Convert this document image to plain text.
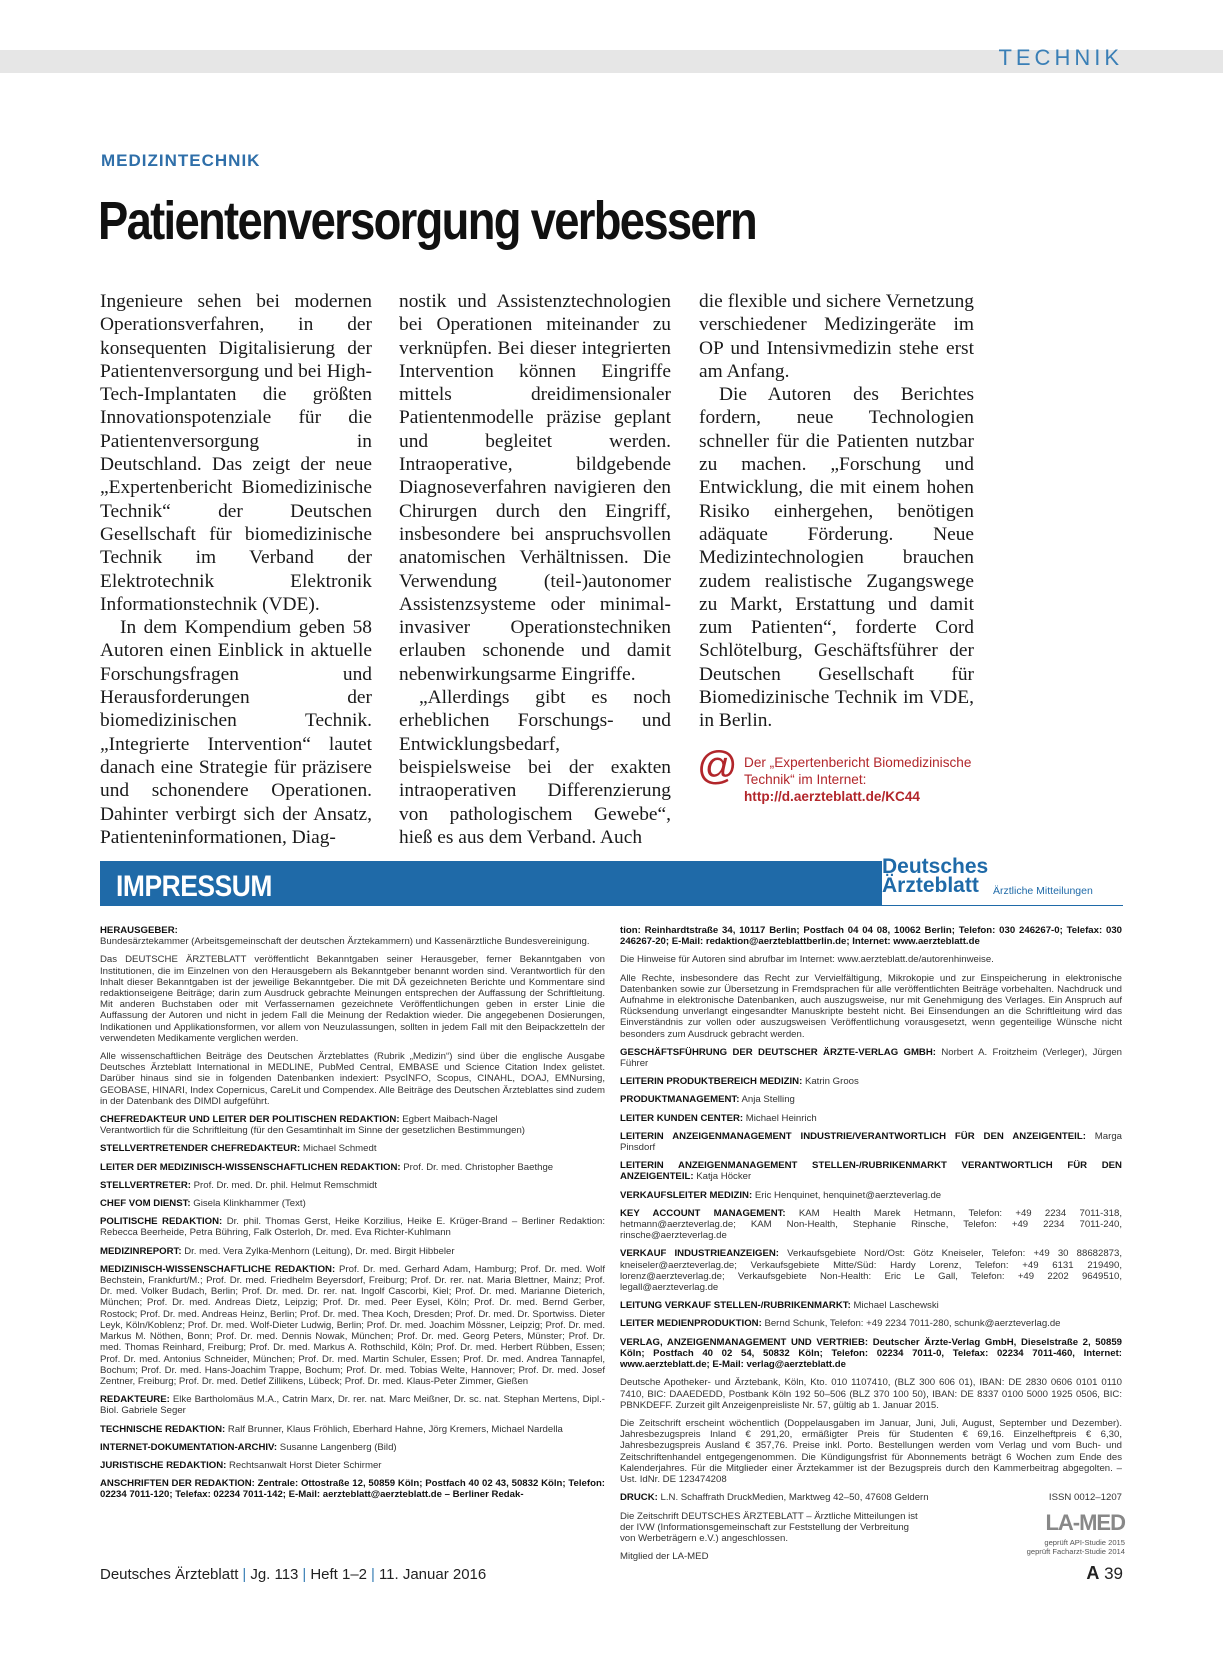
TECHNIK
MEDIZINTECHNIK
Patientenversorgung verbessern

Ingenieure sehen bei modernen Operationsverfahren, in der konsequenten Digitalisierung der Patientenversorgung und bei High-Tech-Implantaten die größten Innovationspotenziale für die Patientenversorgung in Deutschland. Das zeigt der neue „Expertenbericht Biomedizinische Technik“ der Deutschen Gesellschaft für biomedizinische Technik im Verband der Elektrotechnik Elektronik Informationstechnik (VDE).

In dem Kompendium geben 58 Autoren einen Einblick in aktuelle Forschungsfragen und Herausforderungen der biomedizinischen Technik. „Integrierte Intervention“ lautet danach eine Strategie für präzisere und schonendere Operationen. Dahinter verbirgt sich der Ansatz, Patienteninformationen, Diag-

nostik und Assistenztechnologien bei Operationen miteinander zu verknüpfen. Bei dieser integrierten Intervention können Eingriffe mittels dreidimensionaler Patientenmodelle präzise geplant und begleitet werden. Intraoperative, bildgebende Diagnoseverfahren navigieren den Chirurgen durch den Eingriff, insbesondere bei anspruchsvollen anatomischen Verhältnissen. Die Verwendung (teil-)autonomer Assistenzsysteme oder minimal-invasiver Operationstechniken erlauben schonende und damit nebenwirkungsarme Eingriffe.

„Allerdings gibt es noch erheblichen Forschungs- und Entwicklungsbedarf, beispielsweise bei der exakten intraoperativen Differenzierung von pathologischem Gewebe“, hieß es aus dem Verband. Auch

die flexible und sichere Vernetzung verschiedener Medizingeräte im OP und Intensivmedizin stehe erst am Anfang.

Die Autoren des Berichtes fordern, neue Technologien schneller für die Patienten nutzbar zu machen. „Forschung und Entwicklung, die mit einem hohen Risiko einhergehen, benötigen adäquate Förderung. Neue Medizintechnologien brauchen zudem realistische Zugangswege zu Markt, Erstattung und damit zum Patienten“, forderte Cord Schlötelburg, Geschäftsführer der Deutschen Gesellschaft für Biomedizinische Technik im VDE, in Berlin.

@ Der „Expertenbericht Biomedizinische
Technik“ im Internet:
http://d.aerzteblatt.de/KC44
IMPRESSUM
Deutsches
Ärzteblatt	Ärztliche Mitteilungen

HERAUSGEBER:
Bundesärztekammer (Arbeitsgemeinschaft der deutschen Ärztekammern) und Kassenärztliche Bundesvereinigung.

Das DEUTSCHE ÄRZTEBLATT veröffentlicht Bekanntgaben seiner Herausgeber, ferner Bekanntgaben von Institutionen, die im Einzelnen von den Herausgebern als Bekanntgeber benannt worden sind. Verantwortlich für den Inhalt dieser Bekanntgaben ist der jeweilige Bekanntgeber. Die mit DÄ gezeichneten Berichte und Kommentare sind redaktionseigene Beiträge; darin zum Ausdruck gebrachte Meinungen entsprechen der Auffassung der Schriftleitung. Mit anderen Buchstaben oder mit Verfassernamen gezeichnete Veröffentlichungen geben in erster Linie die Auffassung der Autoren und nicht in jedem Fall die Meinung der Redaktion wieder. Die angegebenen Dosierungen, Indikationen und Applikationsformen, vor allem von Neuzulassungen, sollten in jedem Fall mit den Beipackzetteln der verwendeten Medikamente verglichen werden.

Alle wissenschaftlichen Beiträge des Deutschen Ärzteblattes (Rubrik „Medizin“) sind über die englische Ausgabe Deutsches Ärzteblatt International in MEDLINE, PubMed Central, EMBASE und Science Citation Index gelistet. Darüber hinaus sind sie in folgenden Datenbanken indexiert: PsycINFO, Scopus, CINAHL, DOAJ, EMNursing, GEOBASE, HINARI, Index Copernicus, CareLit und Compendex. Alle Beiträge des Deutschen Ärzteblattes sind zudem in der Datenbank des DIMDI aufgeführt.

CHEFREDAKTEUR UND LEITER DER POLITISCHEN REDAKTION: Egbert Maibach-Nagel
Verantwortlich für die Schriftleitung (für den Gesamtinhalt im Sinne der gesetzlichen Bestimmungen)

STELLVERTRETENDER CHEFREDAKTEUR: Michael Schmedt

LEITER DER MEDIZINISCH-WISSENSCHAFTLICHEN REDAKTION: Prof. Dr. med. Christopher Baethge

STELLVERTRETER: Prof. Dr. med. Dr. phil. Helmut Remschmidt

CHEF VOM DIENST: Gisela Klinkhammer (Text)

POLITISCHE REDAKTION: Dr. phil. Thomas Gerst, Heike Korzilius, Heike E. Krüger-Brand – Berliner Redaktion: Rebecca Beerheide, Petra Bühring, Falk Osterloh, Dr. med. Eva Richter-Kuhlmann

MEDIZINREPORT: Dr. med. Vera Zylka-Menhorn (Leitung), Dr. med. Birgit Hibbeler

MEDIZINISCH-WISSENSCHAFTLICHE REDAKTION: Prof. Dr. med. Gerhard Adam, Hamburg; Prof. Dr. med. Wolf Bechstein, Frankfurt/M.; Prof. Dr. med. Friedhelm Beyersdorf, Freiburg; Prof. Dr. rer. nat. Maria Blettner, Mainz; Prof. Dr. med. Volker Budach, Berlin; Prof. Dr. med. Dr. rer. nat. Ingolf Cascorbi, Kiel; Prof. Dr. med. Marianne Dieterich, München; Prof. Dr. med. Andreas Dietz, Leipzig; Prof. Dr. med. Peer Eysel, Köln; Prof. Dr. med. Bernd Gerber, Rostock; Prof. Dr. med. Andreas Heinz, Berlin; Prof. Dr. med. Thea Koch, Dresden; Prof. Dr. med. Dr. Sportwiss. Dieter Leyk, Köln/Koblenz; Prof. Dr. med. Wolf-Dieter Ludwig, Berlin; Prof. Dr. med. Joachim Mössner, Leipzig; Prof. Dr. med. Markus M. Nöthen, Bonn; Prof. Dr. med. Dennis Nowak, München; Prof. Dr. med. Georg Peters, Münster; Prof. Dr. med. Thomas Reinhard, Freiburg; Prof. Dr. med. Markus A. Rothschild, Köln; Prof. Dr. med. Herbert Rübben, Essen; Prof. Dr. med. Antonius Schneider, München; Prof. Dr. med. Martin Schuler, Essen; Prof. Dr. med. Andrea Tannapfel, Bochum; Prof. Dr. med. Hans-Joachim Trappe, Bochum; Prof. Dr. med. Tobias Welte, Hannover; Prof. Dr. med. Josef Zentner, Freiburg; Prof. Dr. med. Detlef Zillikens, Lübeck; Prof. Dr. med. Klaus-Peter Zimmer, Gießen

REDAKTEURE: Elke Bartholomäus M.A., Catrin Marx, Dr. rer. nat. Marc Meißner, Dr. sc. nat. Stephan Mertens, Dipl.-Biol. Gabriele Seger

TECHNISCHE REDAKTION: Ralf Brunner, Klaus Fröhlich, Eberhard Hahne, Jörg Kremers, Michael Nardella

INTERNET-DOKUMENTATION-ARCHIV: Susanne Langenberg (Bild)

JURISTISCHE REDAKTION: Rechtsanwalt Horst Dieter Schirmer

ANSCHRIFTEN DER REDAKTION: Zentrale: Ottostraße 12, 50859 Köln; Postfach 40 02 43, 50832 Köln; Telefon: 02234 7011-120; Telefax: 02234 7011-142; E-Mail: aerzteblatt@aerzteblatt.de – Berliner Redak-

tion: Reinhardtstraße 34, 10117 Berlin; Postfach 04 04 08, 10062 Berlin; Telefon: 030 246267-0; Telefax: 030 246267-20; E-Mail: redaktion@aerzteblattberlin.de; Internet: www.aerzteblatt.de

Die Hinweise für Autoren sind abrufbar im Internet: www.aerzteblatt.de/autorenhinweise.

Alle Rechte, insbesondere das Recht zur Vervielfältigung, Mikrokopie und zur Einspeicherung in elektronische Datenbanken sowie zur Übersetzung in Fremdsprachen für alle veröffentlichten Beiträge vorbehalten. Nachdruck und Aufnahme in elektronische Datenbanken, auch auszugsweise, nur mit Genehmigung des Verlages. Ein Anspruch auf Rücksendung unverlangt eingesandter Manuskripte besteht nicht. Bei Einsendungen an die Schriftleitung wird das Einverständnis zur vollen oder auszugsweisen Veröffentlichung vorausgesetzt, wenn gegenteilige Wünsche nicht besonders zum Ausdruck gebracht werden.

GESCHÄFTSFÜHRUNG DER DEUTSCHER ÄRZTE-VERLAG GMBH: Norbert A. Froitzheim (Verleger), Jürgen Führer

LEITERIN PRODUKTBEREICH MEDIZIN: Katrin Groos

PRODUKTMANAGEMENT: Anja Stelling

LEITER KUNDEN CENTER: Michael Heinrich

LEITERIN ANZEIGENMANAGEMENT INDUSTRIE/VERANTWORTLICH FÜR DEN ANZEIGENTEIL: Marga Pinsdorf

LEITERIN ANZEIGENMANAGEMENT STELLEN-/RUBRIKENMARKT VERANTWORTLICH FÜR DEN ANZEIGENTEIL: Katja Höcker

VERKAUFSLEITER MEDIZIN: Eric Henquinet, henquinet@aerzteverlag.de

KEY ACCOUNT MANAGEMENT: KAM Health Marek Hetmann, Telefon: +49 2234 7011-318, hetmann@aerzteverlag.de; KAM Non-Health, Stephanie Rinsche, Telefon: +49 2234 7011-240, rinsche@aerzteverlag.de

VERKAUF INDUSTRIEANZEIGEN: Verkaufsgebiete Nord/Ost: Götz Kneiseler, Telefon: +49 30 88682873, kneiseler@aerzteverlag.de; Verkaufsgebiete Mitte/Süd: Hardy Lorenz, Telefon: +49 6131 219490, lorenz@aerzteverlag.de; Verkaufsgebiete Non-Health: Eric Le Gall, Telefon: +49 2202 9649510, legall@aerzteverlag.de

LEITUNG VERKAUF STELLEN-/RUBRIKENMARKT: Michael Laschewski

LEITER MEDIENPRODUKTION: Bernd Schunk, Telefon: +49 2234 7011-280, schunk@aerzteverlag.de

VERLAG, ANZEIGENMANAGEMENT UND VERTRIEB: Deutscher Ärzte-Verlag GmbH, Dieselstraße 2, 50859 Köln; Postfach 40 02 54, 50832 Köln; Telefon: 02234 7011-0, Telefax: 02234 7011-460, Internet: www.aerzteblatt.de; E-Mail: verlag@aerzteblatt.de

Deutsche Apotheker- und Ärztebank, Köln, Kto. 010 1107410, (BLZ 300 606 01), IBAN: DE 2830 0606 0101 0110 7410, BIC: DAAEDEDD, Postbank Köln 192 50–506 (BLZ 370 100 50), IBAN: DE 8337 0100 5000 1925 0506, BIC: PBNKDEFF. Zurzeit gilt Anzeigenpreisliste Nr. 57, gültig ab 1. Januar 2015.

Die Zeitschrift erscheint wöchentlich (Doppelausgaben im Januar, Juni, Juli, August, September und Dezember). Jahresbezugspreis Inland € 291,20, ermäßigter Preis für Studenten € 69,16. Einzelheftpreis € 6,30, Jahresbezugspreis Ausland € 357,76. Preise inkl. Porto. Bestellungen werden vom Verlag und vom Buch- und Zeitschriftenhandel entgegengenommen. Die Kündigungsfrist für Abonnements beträgt 6 Wochen zum Ende des Kalenderjahres. Für die Mitglieder einer Ärztekammer ist der Bezugspreis durch den Kammerbeitrag abgegolten. – Ust. IdNr. DE 123474208

DRUCK: L.N. Schaffrath DruckMedien, Marktweg 42–50, 47608 Geldern	ISSN 0012–1207

Die Zeitschrift DEUTSCHES ÄRZTEBLATT – Ärztliche Mitteilungen ist der IVW (Informationsgemeinschaft zur Feststellung der Verbreitung von Werbeträgern e.V.) angeschlossen.

Mitglied der LA-MED

LA-MED
geprüft API-Studie 2015
geprüft Facharzt-Studie 2014
Deutsches Ärzteblatt | Jg. 113 | Heft 1–2 | 11. Januar 2016	A 39
